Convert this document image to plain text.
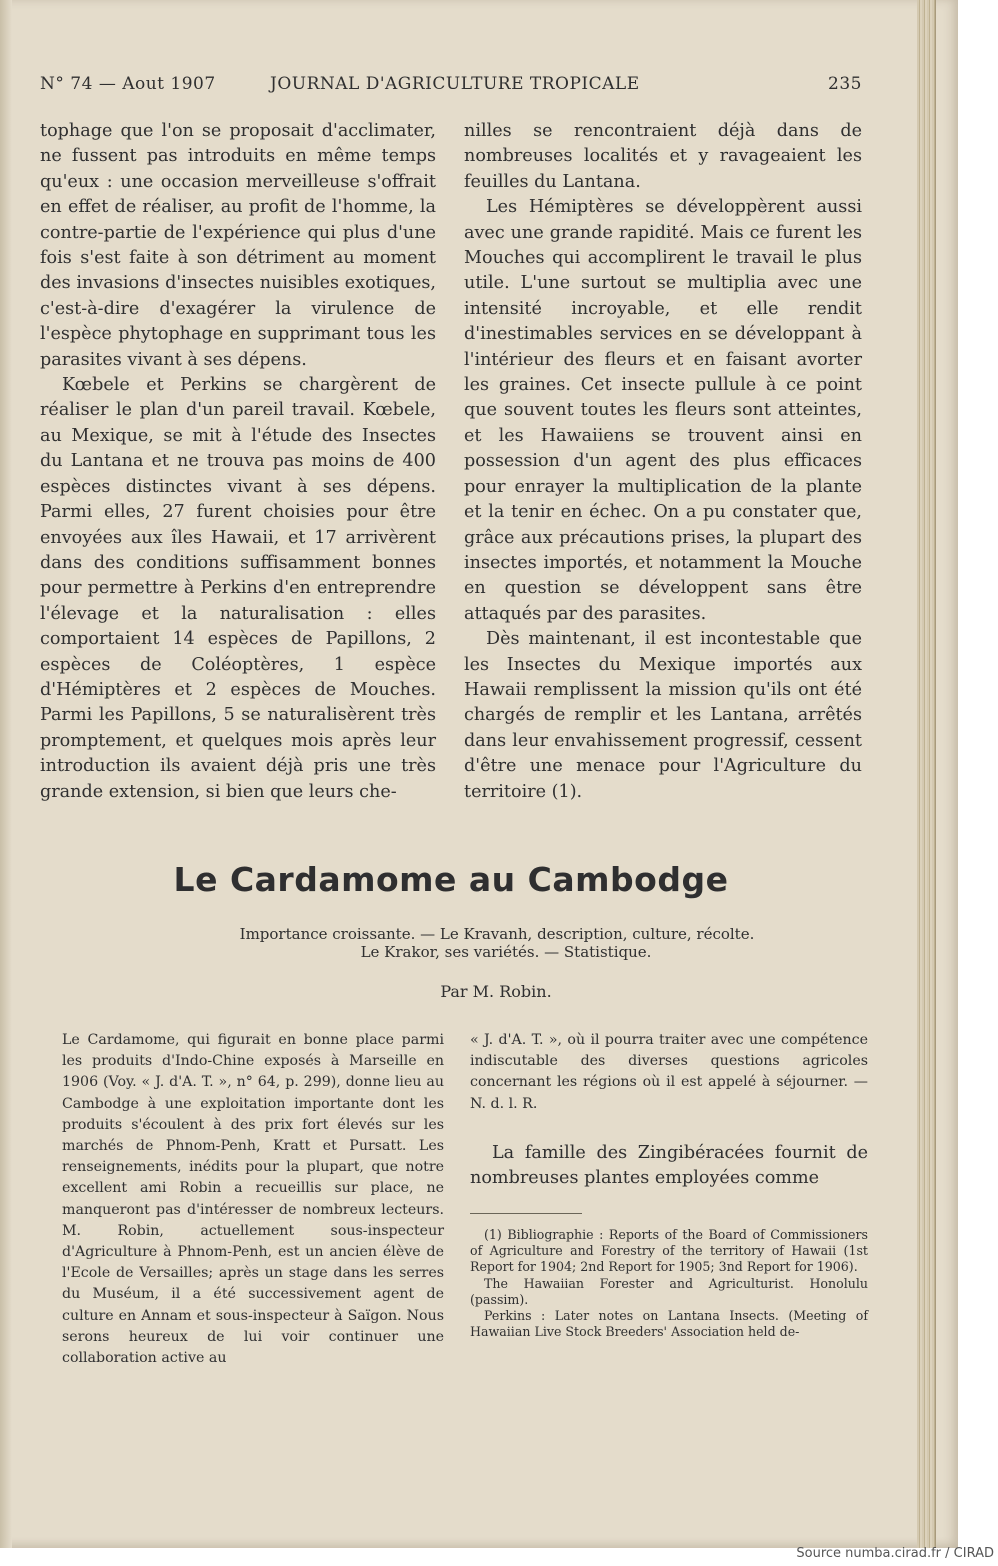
N° 74 — Aout 1907	JOURNAL D'AGRICULTURE TROPICALE	235

tophage que l'on se proposait d'acclimater, ne fussent pas introduits en même temps qu'eux : une occasion merveilleuse s'offrait en effet de réaliser, au profit de l'homme, la contre-partie de l'expérience qui plus d'une fois s'est faite à son détriment au moment des invasions d'insectes nuisibles exotiques, c'est-à-dire d'exagérer la virulence de l'espèce phytophage en supprimant tous les parasites vivant à ses dépens.

Kœbele et Perkins se chargèrent de réaliser le plan d'un pareil travail. Kœbele, au Mexique, se mit à l'étude des Insectes du Lantana et ne trouva pas moins de 400 espèces distinctes vivant à ses dépens. Parmi elles, 27 furent choisies pour être envoyées aux îles Hawaii, et 17 arrivèrent dans des conditions suffisamment bonnes pour permettre à Perkins d'en entreprendre l'élevage et la naturalisation : elles comportaient 14 espèces de Papillons, 2 espèces de Coléoptères, 1 espèce d'Hémiptères et 2 espèces de Mouches. Parmi les Papillons, 5 se naturalisèrent très promptement, et quelques mois après leur introduction ils avaient déjà pris une très grande extension, si bien que leurs che-

nilles se rencontraient déjà dans de nombreuses localités et y ravageaient les feuilles du Lantana.

Les Hémiptères se développèrent aussi avec une grande rapidité. Mais ce furent les Mouches qui accomplirent le travail le plus utile. L'une surtout se multiplia avec une intensité incroyable, et elle rendit d'inestimables services en se développant à l'intérieur des fleurs et en faisant avorter les graines. Cet insecte pullule à ce point que souvent toutes les fleurs sont atteintes, et les Hawaiiens se trouvent ainsi en possession d'un agent des plus efficaces pour enrayer la multiplication de la plante et la tenir en échec. On a pu constater que, grâce aux précautions prises, la plupart des insectes importés, et notamment la Mouche en question se développent sans être attaqués par des parasites.

Dès maintenant, il est incontestable que les Insectes du Mexique importés aux Hawaii remplissent la mission qu'ils ont été chargés de remplir et les Lantana, arrêtés dans leur envahissement progressif, cessent d'être une menace pour l'Agriculture du territoire (1).

Le Cardamome au Cambodge
Importance croissante. — Le Kravanh, description, culture, récolte.
Le Krakor, ses variétés. — Statistique.
Par M. Robin.

Le Cardamome, qui figurait en bonne place parmi les produits d'Indo-Chine exposés à Marseille en 1906 (Voy. « J. d'A. T. », n° 64, p. 299), donne lieu au Cambodge à une exploitation importante dont les produits s'écoulent à des prix fort élevés sur les marchés de Phnom-Penh, Kratt et Pursatt. Les renseignements, inédits pour la plupart, que notre excellent ami Robin a recueillis sur place, ne manqueront pas d'intéresser de nombreux lecteurs. M. Robin, actuellement sous-inspecteur d'Agriculture à Phnom-Penh, est un ancien élève de l'Ecole de Versailles; après un stage dans les serres du Muséum, il a été successivement agent de culture en Annam et sous-inspecteur à Saïgon. Nous serons heureux de lui voir continuer une collaboration active au

« J. d'A. T. », où il pourra traiter avec une compétence indiscutable des diverses questions agricoles concernant les régions où il est appelé à séjourner. — N. d. l. R.

La famille des Zingibéracées fournit de nombreuses plantes employées comme

(1) Bibliographie : Reports of the Board of Commissioners of Agriculture and Forestry of the territory of Hawaii (1st Report for 1904; 2nd Report for 1905; 3nd Report for 1906).

The Hawaiian Forester and Agriculturist. Honolulu (passim).

Perkins : Later notes on Lantana Insects. (Meeting of Hawaiian Live Stock Breeders' Association held de-

Source numba.cirad.fr / CIRAD
